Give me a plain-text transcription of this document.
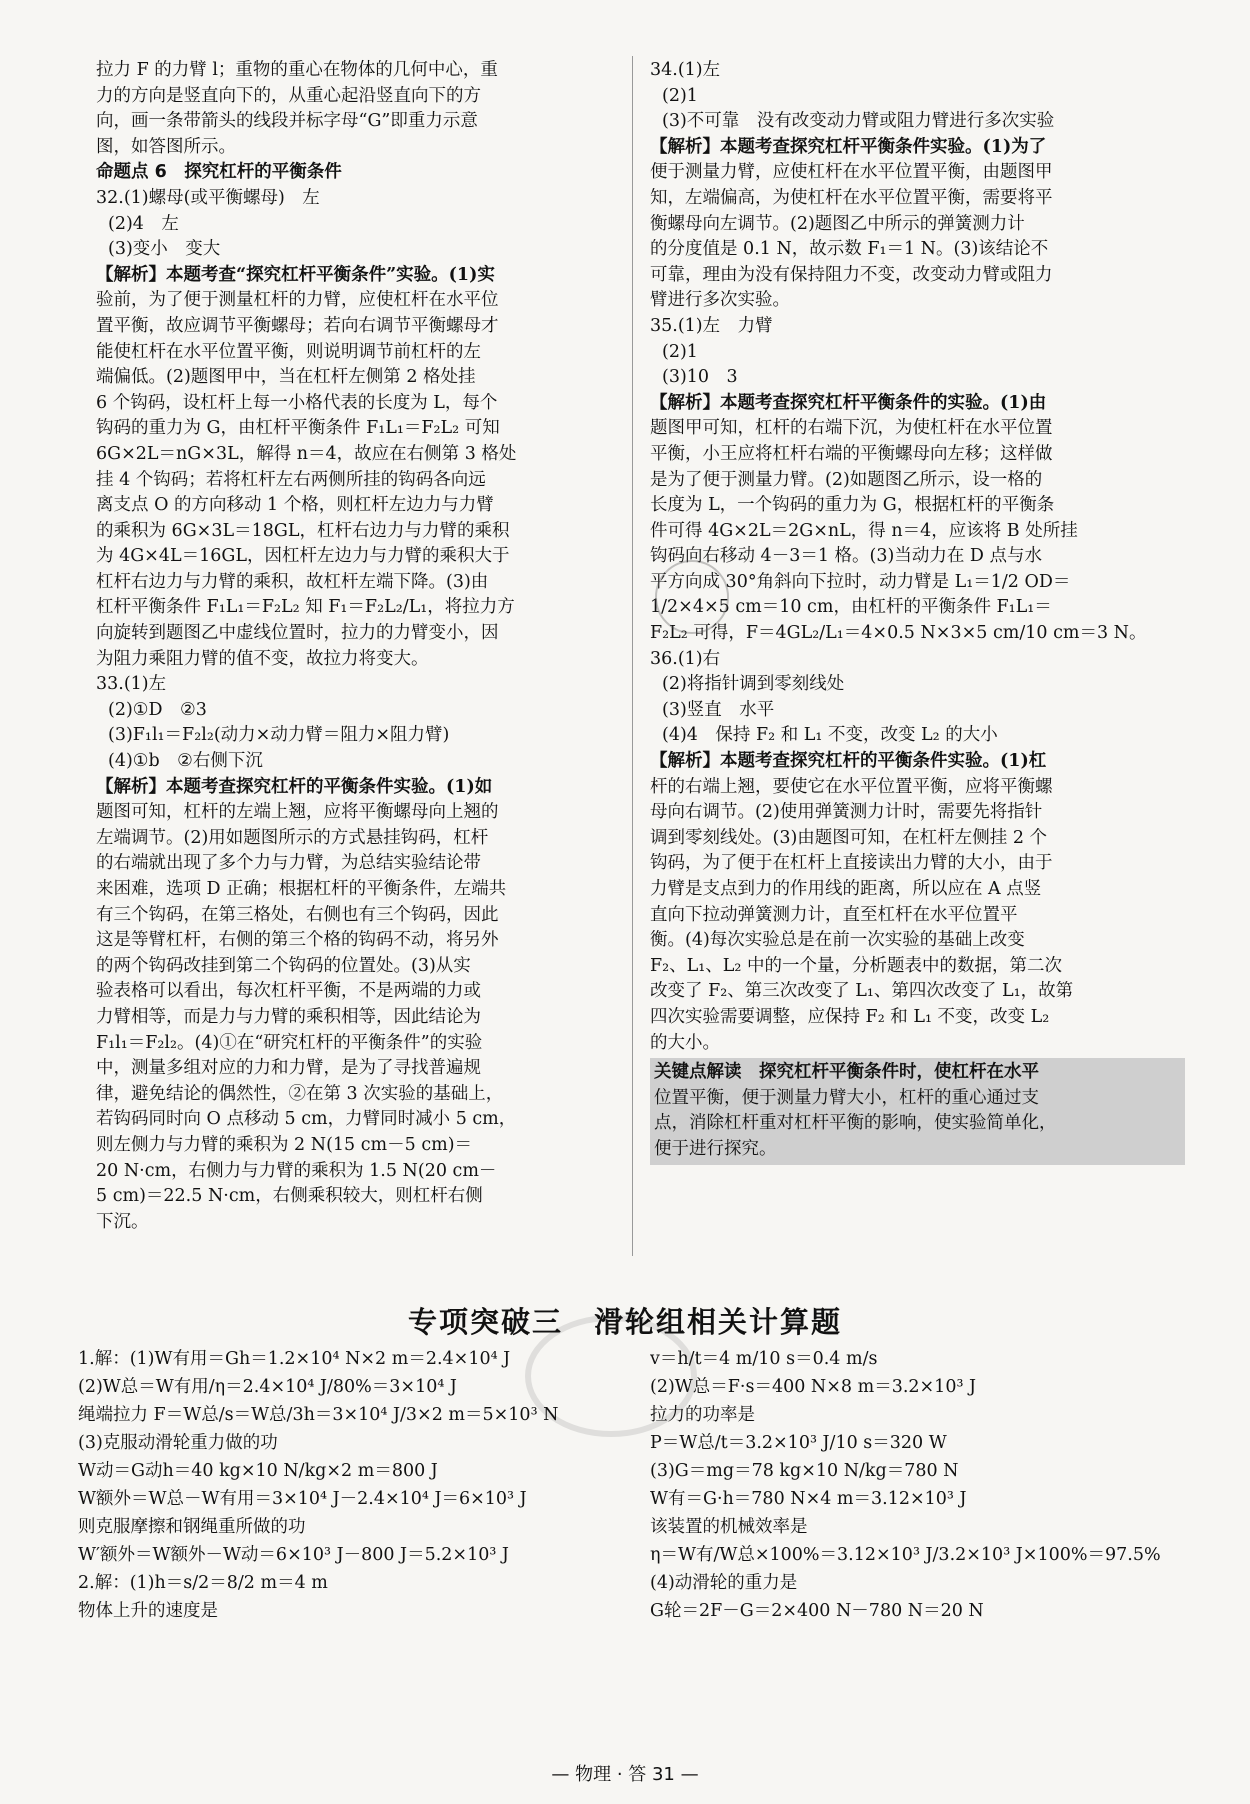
拉力 F 的力臂 l；重物的重心在物体的几何中心，重
力的方向是竖直向下的，从重心起沿竖直向下的方
向，画一条带箭头的线段并标字母“G”即重力示意
图，如答图所示。
命题点 6　探究杠杆的平衡条件
32.(1)螺母(或平衡螺母)　左
(2)4　左
(3)变小　变大
【解析】本题考查“探究杠杆平衡条件”实验。(1)实
验前，为了便于测量杠杆的力臂，应使杠杆在水平位
置平衡，故应调节平衡螺母；若向右调节平衡螺母才
能使杠杆在水平位置平衡，则说明调节前杠杆的左
端偏低。(2)题图甲中，当在杠杆左侧第 2 格处挂
6 个钩码，设杠杆上每一小格代表的长度为 L，每个
钩码的重力为 G，由杠杆平衡条件 F₁L₁＝F₂L₂ 可知
6G×2L＝nG×3L，解得 n＝4，故应在右侧第 3 格处
挂 4 个钩码；若将杠杆左右两侧所挂的钩码各向远
离支点 O 的方向移动 1 个格，则杠杆左边力与力臂
的乘积为 6G×3L＝18GL，杠杆右边力与力臂的乘积
为 4G×4L＝16GL，因杠杆左边力与力臂的乘积大于
杠杆右边力与力臂的乘积，故杠杆左端下降。(3)由
杠杆平衡条件 F₁L₁＝F₂L₂ 知 F₁＝F₂L₂/L₁，将拉力方
向旋转到题图乙中虚线位置时，拉力的力臂变小，因
为阻力乘阻力臂的值不变，故拉力将变大。
33.(1)左
(2)①D　②3
(3)F₁l₁＝F₂l₂(动力×动力臂＝阻力×阻力臂)
(4)①b　②右侧下沉
【解析】本题考查探究杠杆的平衡条件实验。(1)如
题图可知，杠杆的左端上翘，应将平衡螺母向上翘的
左端调节。(2)用如题图所示的方式悬挂钩码，杠杆
的右端就出现了多个力与力臂，为总结实验结论带
来困难，选项 D 正确；根据杠杆的平衡条件，左端共
有三个钩码，在第三格处，右侧也有三个钩码，因此
这是等臂杠杆，右侧的第三个格的钩码不动，将另外
的两个钩码改挂到第二个钩码的位置处。(3)从实
验表格可以看出，每次杠杆平衡，不是两端的力或
力臂相等，而是力与力臂的乘积相等，因此结论为
F₁l₁＝F₂l₂。(4)①在“研究杠杆的平衡条件”的实验
中，测量多组对应的力和力臂，是为了寻找普遍规
律，避免结论的偶然性，②在第 3 次实验的基础上，
若钩码同时向 O 点移动 5 cm，力臂同时减小 5 cm，
则左侧力与力臂的乘积为 2 N(15 cm－5 cm)＝
20 N·cm，右侧力与力臂的乘积为 1.5 N(20 cm－
5 cm)＝22.5 N·cm，右侧乘积较大，则杠杆右侧
下沉。
34.(1)左
(2)1
(3)不可靠　没有改变动力臂或阻力臂进行多次实验
【解析】本题考查探究杠杆平衡条件实验。(1)为了
便于测量力臂，应使杠杆在水平位置平衡，由题图甲
知，左端偏高，为使杠杆在水平位置平衡，需要将平
衡螺母向左调节。(2)题图乙中所示的弹簧测力计
的分度值是 0.1 N，故示数 F₁＝1 N。(3)该结论不
可靠，理由为没有保持阻力不变，改变动力臂或阻力
臂进行多次实验。
35.(1)左　力臂
(2)1
(3)10　3
【解析】本题考查探究杠杆平衡条件的实验。(1)由
题图甲可知，杠杆的右端下沉，为使杠杆在水平位置
平衡，小王应将杠杆右端的平衡螺母向左移；这样做
是为了便于测量力臂。(2)如题图乙所示，设一格的
长度为 L，一个钩码的重力为 G，根据杠杆的平衡条
件可得 4G×2L＝2G×nL，得 n＝4，应该将 B 处所挂
钩码向右移动 4－3＝1 格。(3)当动力在 D 点与水
平方向成 30°角斜向下拉时，动力臂是 L₁＝1/2 OD＝
1/2×4×5 cm＝10 cm，由杠杆的平衡条件 F₁L₁＝
F₂L₂ 可得，F＝4GL₂/L₁＝4×0.5 N×3×5 cm/10 cm＝3 N。
36.(1)右
(2)将指针调到零刻线处
(3)竖直　水平
(4)4　保持 F₂ 和 L₁ 不变，改变 L₂ 的大小
【解析】本题考查探究杠杆的平衡条件实验。(1)杠
杆的右端上翘，要使它在水平位置平衡，应将平衡螺
母向右调节。(2)使用弹簧测力计时，需要先将指针
调到零刻线处。(3)由题图可知，在杠杆左侧挂 2 个
钩码，为了便于在杠杆上直接读出力臂的大小，由于
力臂是支点到力的作用线的距离，所以应在 A 点竖
直向下拉动弹簧测力计，直至杠杆在水平位置平
衡。(4)每次实验总是在前一次实验的基础上改变
F₂、L₁、L₂ 中的一个量，分析题表中的数据，第二次
改变了 F₂、第三次改变了 L₁、第四次改变了 L₁，故第
四次实验需要调整，应保持 F₂ 和 L₁ 不变，改变 L₂
的大小。
关键点解读　探究杠杆平衡条件时，使杠杆在水平
位置平衡，便于测量力臂大小，杠杆的重心通过支
点，消除杠杆重对杠杆平衡的影响，使实验简单化，
便于进行探究。
专项突破三　滑轮组相关计算题
1.解：(1)W有用＝Gh＝1.2×10⁴ N×2 m＝2.4×10⁴ J
(2)W总＝W有用/η＝2.4×10⁴ J/80%＝3×10⁴ J
绳端拉力 F＝W总/s＝W总/3h＝3×10⁴ J/3×2 m＝5×10³ N
(3)克服动滑轮重力做的功
W动＝G动h＝40 kg×10 N/kg×2 m＝800 J
W额外＝W总－W有用＝3×10⁴ J－2.4×10⁴ J＝6×10³ J
则克服摩擦和钢绳重所做的功
W′额外＝W额外－W动＝6×10³ J－800 J＝5.2×10³ J
2.解：(1)h＝s/2＝8/2 m＝4 m
物体上升的速度是
v＝h/t＝4 m/10 s＝0.4 m/s
(2)W总＝F·s＝400 N×8 m＝3.2×10³ J
拉力的功率是
P＝W总/t＝3.2×10³ J/10 s＝320 W
(3)G＝mg＝78 kg×10 N/kg＝780 N
W有＝G·h＝780 N×4 m＝3.12×10³ J
该装置的机械效率是
η＝W有/W总×100%＝3.12×10³ J/3.2×10³ J×100%＝97.5%
(4)动滑轮的重力是
G轮＝2F－G＝2×400 N－780 N＝20 N
— 物理 · 答 31 —
